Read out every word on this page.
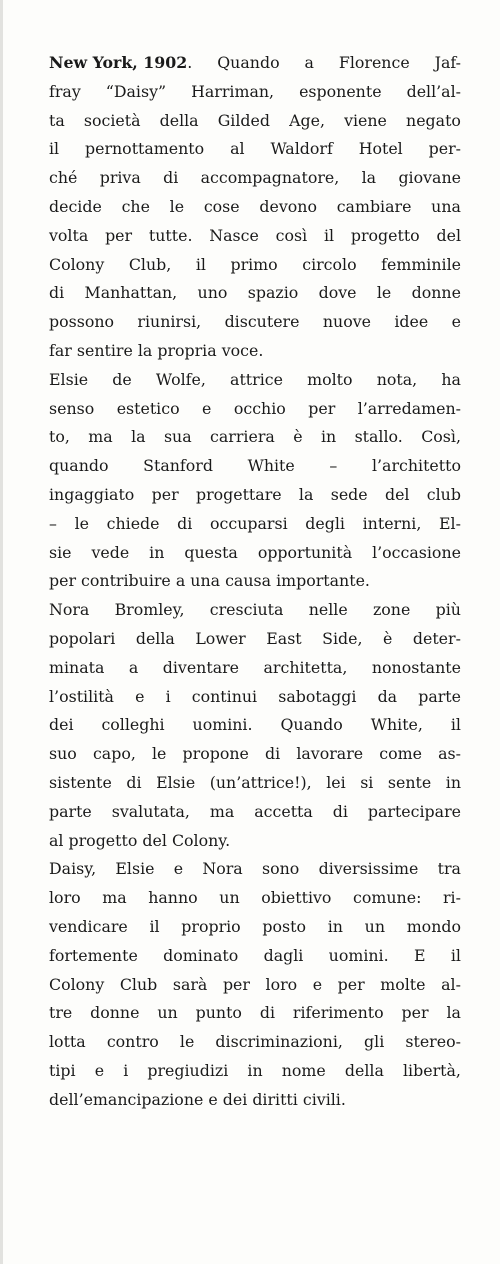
New York, 1902. Quando a Florence Jaf-
fray “Daisy” Harriman, esponente dell’al-
ta società della Gilded Age, viene negato
il pernottamento al Waldorf Hotel per-
ché priva di accompagnatore, la giovane
decide che le cose devono cambiare una
volta per tutte. Nasce così il progetto del
Colony Club, il primo circolo femminile
di Manhattan, uno spazio dove le donne
possono riunirsi, discutere nuove idee e
far sentire la propria voce.

Elsie de Wolfe, attrice molto nota, ha
senso estetico e occhio per l’arredamen-
to, ma la sua carriera è in stallo. Così,
quando Stanford White – l’architetto
ingaggiato per progettare la sede del club
– le chiede di occuparsi degli interni, El-
sie vede in questa opportunità l’occasione
per contribuire a una causa importante.

Nora Bromley, cresciuta nelle zone più
popolari della Lower East Side, è deter-
minata a diventare architetta, nonostante
l’ostilità e i continui sabotaggi da parte
dei colleghi uomini. Quando White, il
suo capo, le propone di lavorare come as-
sistente di Elsie (un’attrice!), lei si sente in
parte svalutata, ma accetta di partecipare
al progetto del Colony.

Daisy, Elsie e Nora sono diversissime tra
loro ma hanno un obiettivo comune: ri-
vendicare il proprio posto in un mondo
fortemente dominato dagli uomini. E il
Colony Club sarà per loro e per molte al-
tre donne un punto di riferimento per la
lotta contro le discriminazioni, gli stereo-
tipi e i pregiudizi in nome della libertà,
dell’emancipazione e dei diritti civili.
